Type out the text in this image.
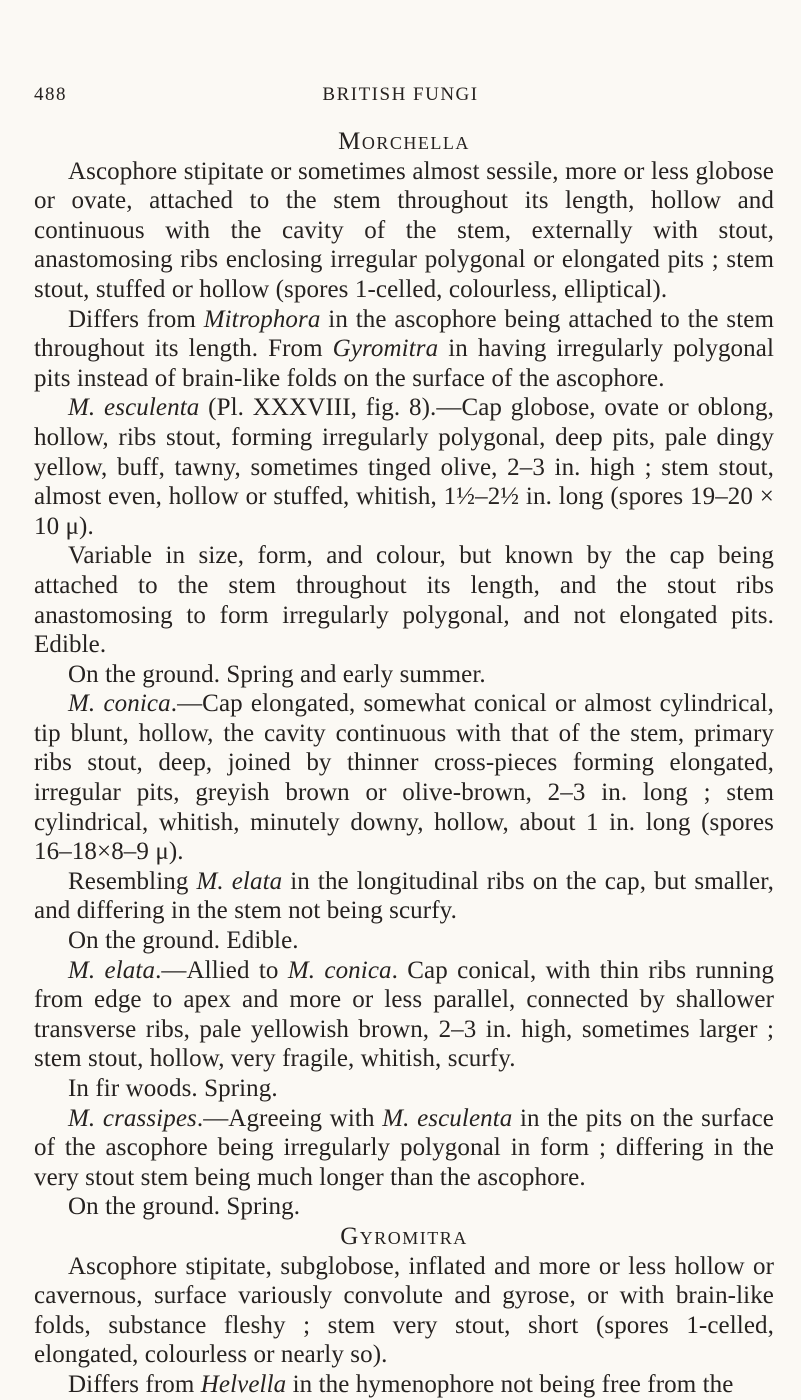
488	BRITISH FUNGI
Morchella
Ascophore stipitate or sometimes almost sessile, more or less globose or ovate, attached to the stem throughout its length, hollow and continuous with the cavity of the stem, externally with stout, anastomosing ribs enclosing irregular polygonal or elongated pits ; stem stout, stuffed or hollow (spores 1-celled, colourless, elliptical).
Differs from Mitrophora in the ascophore being attached to the stem throughout its length. From Gyromitra in having irregularly polygonal pits instead of brain-like folds on the surface of the ascophore.
M. esculenta (Pl. XXXVIII, fig. 8).—Cap globose, ovate or oblong, hollow, ribs stout, forming irregularly polygonal, deep pits, pale dingy yellow, buff, tawny, sometimes tinged olive, 2–3 in. high ; stem stout, almost even, hollow or stuffed, whitish, 1½–2½ in. long (spores 19–20 × 10 μ).
Variable in size, form, and colour, but known by the cap being attached to the stem throughout its length, and the stout ribs anastomosing to form irregularly polygonal, and not elongated pits. Edible.
On the ground. Spring and early summer.
M. conica.—Cap elongated, somewhat conical or almost cylindrical, tip blunt, hollow, the cavity continuous with that of the stem, primary ribs stout, deep, joined by thinner cross-pieces forming elongated, irregular pits, greyish brown or olive-brown, 2–3 in. long ; stem cylindrical, whitish, minutely downy, hollow, about 1 in. long (spores 16–18×8–9 μ).
Resembling M. elata in the longitudinal ribs on the cap, but smaller, and differing in the stem not being scurfy.
On the ground. Edible.
M. elata.—Allied to M. conica. Cap conical, with thin ribs running from edge to apex and more or less parallel, connected by shallower transverse ribs, pale yellowish brown, 2–3 in. high, sometimes larger ; stem stout, hollow, very fragile, whitish, scurfy.
In fir woods. Spring.
M. crassipes.—Agreeing with M. esculenta in the pits on the surface of the ascophore being irregularly polygonal in form ; differing in the very stout stem being much longer than the ascophore.
On the ground. Spring.
Gyromitra
Ascophore stipitate, subglobose, inflated and more or less hollow or cavernous, surface variously convolute and gyrose, or with brain-like folds, substance fleshy ; stem very stout, short (spores 1-celled, elongated, colourless or nearly so).
Differs from Helvella in the hymenophore not being free from the
